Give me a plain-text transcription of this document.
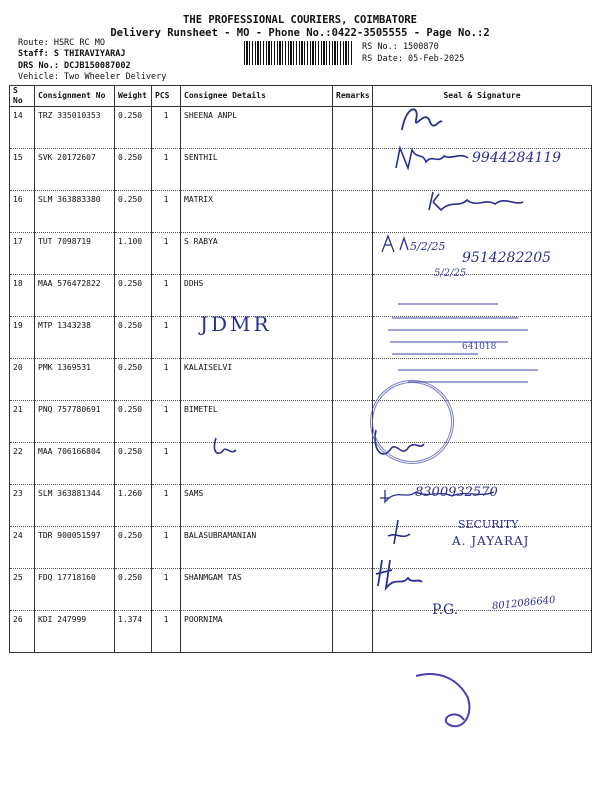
THE PROFESSIONAL COURIERS, COIMBATORE
Delivery Runsheet - MO - Phone No.:0422-3505555 - Page No.:2
Route: HSRC RC MO
Staff: S THIRAVIYARAJ
DRS No.: DCJB150087002
Vehicle: Two Wheeler Delivery
RS No.: 1500870
RS Date: 05-Feb-2025
S No	Consignment No	Weight	PCS	Consignee Details	Remarks	Seal & Signature
14	TRZ 335010353	0.250	1	SHEENA ANPL		
15	SVK 20172607	0.250	1	SENTHIL		
16	SLM 363883380	0.250	1	MATRIX		
17	TUT 7098719	1.100	1	S RABYA		
18	MAA 576472822	0.250	1	DDHS		
19	MTP 1343238	0.250	1			
20	PMK 1369531	0.250	1	KALAISELVI		
21	PNQ 757780691	0.250	1	BIMETEL		
22	MAA 706166804	0.250	1			
23	SLM 363881344	1.260	1	SAMS		
24	TDR 900051597	0.250	1	BALASUBRAMANIAN		
25	FDQ 17718160	0.250	1	SHANMGAM TAS		
26	KDI 247999	1.374	1	POORNIMA		
9944284119
5/2/25
9514282205
JDMR
8300932570
SECURITY
A. JAYARAJ
P.G.	8012086640
641018
5/2/25
